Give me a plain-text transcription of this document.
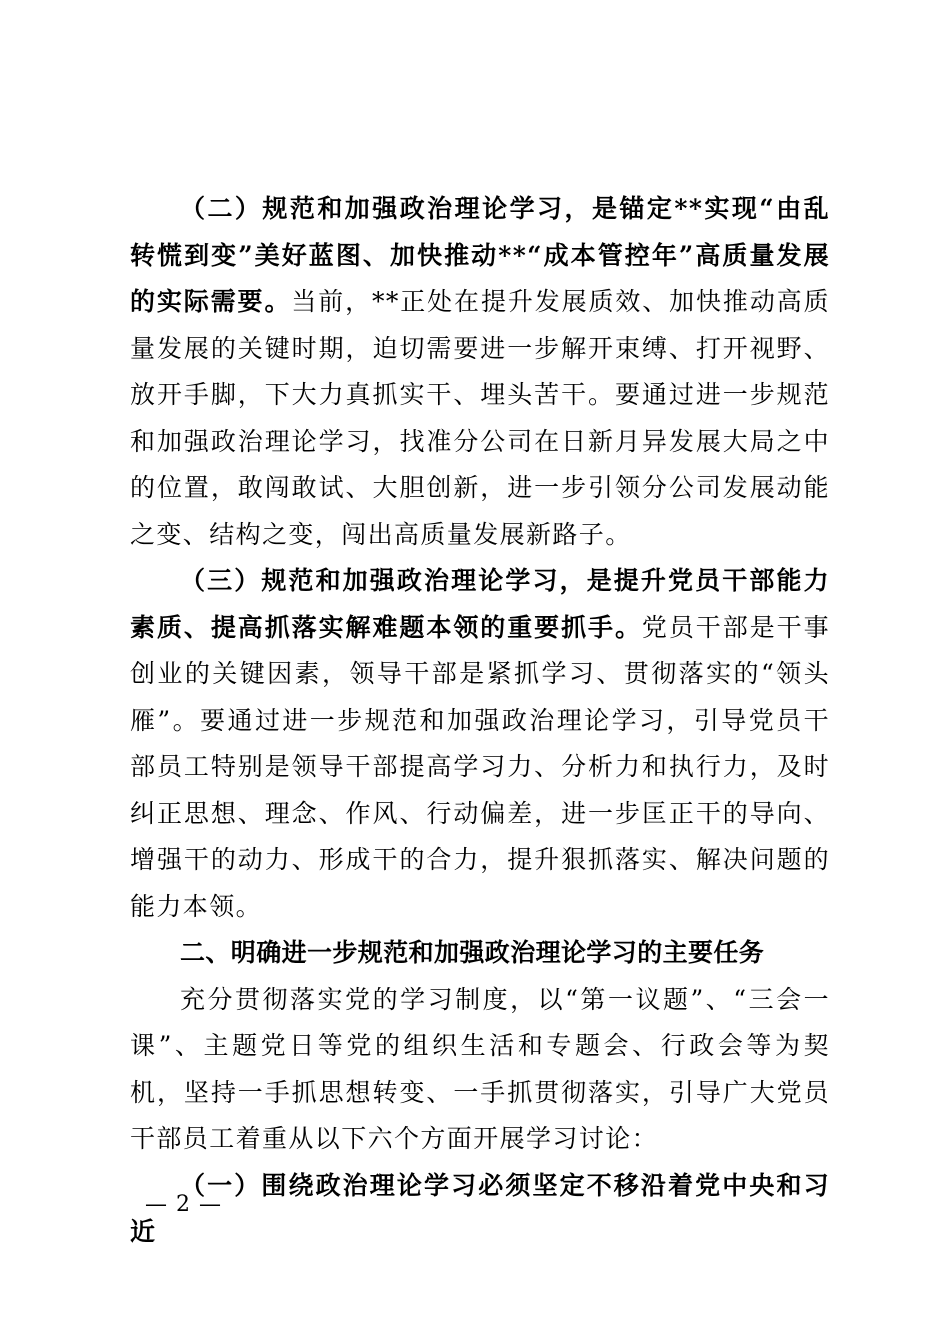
（二）规范和加强政治理论学习，是锚定**实现“由乱转慌到变”美好蓝图、加快推动**“成本管控年”高质量发展的实际需要。当前，**正处在提升发展质效、加快推动高质量发展的关键时期，迫切需要进一步解开束缚、打开视野、放开手脚，下大力真抓实干、埋头苦干。要通过进一步规范和加强政治理论学习，找准分公司在日新月异发展大局之中的位置，敢闯敢试、大胆创新，进一步引领分公司发展动能之变、结构之变，闯出高质量发展新路子。

（三）规范和加强政治理论学习，是提升党员干部能力素质、提高抓落实解难题本领的重要抓手。党员干部是干事创业的关键因素，领导干部是紧抓学习、贯彻落实的“领头雁”。要通过进一步规范和加强政治理论学习，引导党员干部员工特别是领导干部提高学习力、分析力和执行力，及时纠正思想、理念、作风、行动偏差，进一步匡正干的导向、增强干的动力、形成干的合力，提升狠抓落实、解决问题的能力本领。

二、明确进一步规范和加强政治理论学习的主要任务

充分贯彻落实党的学习制度，以“第一议题”、“三会一课”、主题党日等党的组织生活和专题会、行政会等为契机，坚持一手抓思想转变、一手抓贯彻落实，引导广大党员干部员工着重从以下六个方面开展学习讨论：

（一）围绕政治理论学习必须坚定不移沿着党中央和习近

— 2 —
